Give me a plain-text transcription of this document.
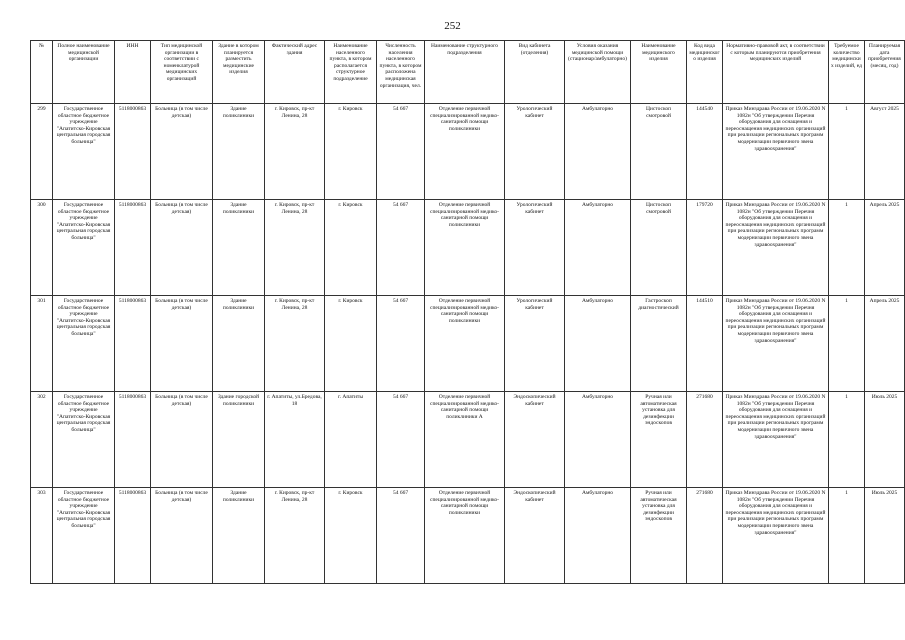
252
№	Полное наименование медицинской организации	ИНН	Тип медицинской организации в соответствии с номенклатурой медицинских организаций	Здание в котором планируется разместить медицинские изделия	Фактический адрес здания	Наименование населенного пункта, в котором располагается структурное подразделение	Численность населения населенного пункта, в котором расположена медицинская организация, чел.	Наименование структурного подразделения	Вид кабинета (отделения)	Условия оказания медицинской помощи (стационар/амбулаторно)	Наименование медицинского изделия	Код вида медицинского изделия	Нормативно-правовой акт, в соответствии с которым планируются приобретения медицинских изделий	Требуемое количество медицинских изделий, ед	Планируемая дата приобретения (месяц, год)
299	Государственное областное бюджетное учреждение "Апатитско-Кировская центральная городская больница"	5118000863	Больница (в том числе детская)	Здание поликлиники	г. Кировск, пр-кт Ленина, 28	г. Кировск	54 667	Отделение первичной специализированной медико-санитарной помощи поликлиники	Урологический кабинет	Амбулаторно	Цистоскоп смотровой	144540	Приказ Минздрава России от 19.06.2020 N 1082н "Об утверждении Перечня оборудования для оснащения и переоснащения медицинских организаций при реализации региональных программ модернизации первичного звена здравоохранения"	1	Август 2025
300	Государственное областное бюджетное учреждение "Апатитско-Кировская центральная городская больница"	5118000863	Больница (в том числе детская)	Здание поликлиники	г. Кировск, пр-кт Ленина, 28	г. Кировск	54 667	Отделение первичной специализированной медико-санитарной помощи поликлиники	Урологический кабинет	Амбулаторно	Цистоскоп смотровой	179720	Приказ Минздрава России от 19.06.2020 N 1082н "Об утверждении Перечня оборудования для оснащения и переоснащения медицинских организаций при реализации региональных программ модернизации первичного звена здравоохранения"	1	Апрель 2025
301	Государственное областное бюджетное учреждение "Апатитско-Кировская центральная городская больница"	5118000863	Больница (в том числе детская)	Здание поликлиники	г. Кировск, пр-кт Ленина, 28	г. Кировск	54 667	Отделение первичной специализированной медико-санитарной помощи поликлиники	Урологический кабинет	Амбулаторно	Гастроскоп диагностический	144510	Приказ Минздрава России от 19.06.2020 N 1082н "Об утверждении Перечня оборудования для оснащения и переоснащения медицинских организаций при реализации региональных программ модернизации первичного звена здравоохранения"	1	Апрель 2025
302	Государственное областное бюджетное учреждение "Апатитско-Кировская центральная городская больница"	5118000863	Больница (в том числе детская)	Здание городской поликлиники	г. Апатиты, ул.Бредова, 18	г. Апатиты	54 667	Отделение первичной специализированной медико-санитарной помощи поликлиники А	Эндоскопический кабинет	Амбулаторно	Ручная или автоматическая установка для дезинфекции эндоскопов	271680	Приказ Минздрава России от 19.06.2020 N 1082н "Об утверждении Перечня оборудования для оснащения и переоснащения медицинских организаций при реализации региональных программ модернизации первичного звена здравоохранения"	1	Июль 2025
303	Государственное областное бюджетное учреждение "Апатитско-Кировская центральная городская больница"	5118000863	Больница (в том числе детская)	Здание поликлиники	г. Кировск, пр-кт Ленина, 28	г. Кировск	54 667	Отделение первичной специализированной медико-санитарной помощи поликлиники	Эндоскопический кабинет	Амбулаторно	Ручная или автоматическая установка для дезинфекции эндоскопов	271680	Приказ Минздрава России от 19.06.2020 N 1082н "Об утверждении Перечня оборудования для оснащения и переоснащения медицинских организаций при реализации региональных программ модернизации первичного звена здравоохранения"	1	Июль 2025
